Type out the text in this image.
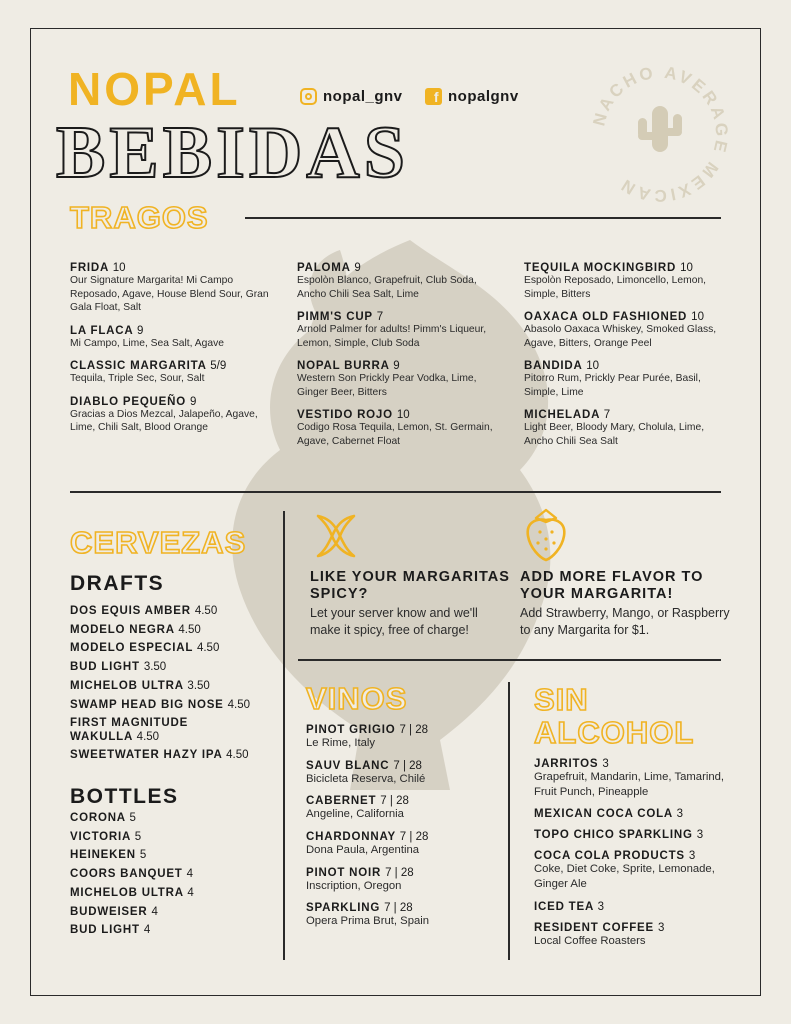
NOPAL	nopal_gnv	f nopalgnv
BEBIDAS	NACHO AVERAGE MEXICAN
TRAGOS
FRIDA 10
Our Signature Margarita! Mi Campo Reposado, Agave, House Blend Sour, Gran Gala Float, Salt
LA FLACA 9
Mi Campo, Lime, Sea Salt, Agave
CLASSIC MARGARITA 5/9
Tequila, Triple Sec, Sour, Salt
DIABLO PEQUEÑO 9
Gracias a Dios Mezcal, Jalapeño, Agave, Lime, Chili Salt, Blood Orange
PALOMA 9
Espolòn Blanco, Grapefruit, Club Soda, Ancho Chili Sea Salt, Lime
PIMM'S CUP 7
Arnold Palmer for adults! Pimm's Liqueur, Lemon, Simple, Club Soda
NOPAL BURRA 9
Western Son Prickly Pear Vodka, Lime, Ginger Beer, Bitters
VESTIDO ROJO 10
Codigo Rosa Tequila, Lemon, St. Germain, Agave, Cabernet Float
TEQUILA MOCKINGBIRD 10
Espolòn Reposado, Limoncello, Lemon, Simple, Bitters
OAXACA OLD FASHIONED 10
Abasolo Oaxaca Whiskey, Smoked Glass, Agave, Bitters, Orange Peel
BANDIDA 10
Pitorro Rum, Prickly Pear Purée, Basil, Simple, Lime
MICHELADA 7
Light Beer, Bloody Mary, Cholula, Lime, Ancho Chili Sea Salt
CERVEZAS
DRAFTS
DOS EQUIS AMBER 4.50
MODELO NEGRA 4.50
MODELO ESPECIAL 4.50
BUD LIGHT 3.50
MICHELOB ULTRA 3.50
SWAMP HEAD BIG NOSE 4.50
FIRST MAGNITUDE WAKULLA 4.50
SWEETWATER HAZY IPA 4.50
BOTTLES
CORONA 5
VICTORIA 5
HEINEKEN 5
COORS BANQUET 4
MICHELOB ULTRA 4
BUDWEISER 4
BUD LIGHT 4
LIKE YOUR MARGARITAS SPICY?
Let your server know and we'll make it spicy, free of charge!
ADD MORE FLAVOR TO YOUR MARGARITA!
Add Strawberry, Mango, or Raspberry to any Margarita for $1.
VINOS
PINOT GRIGIO 7 | 28
Le Rime, Italy
SAUV BLANC 7 | 28
Bicicleta Reserva, Chilé
CABERNET 7 | 28
Angeline, California
CHARDONNAY 7 | 28
Dona Paula, Argentina
PINOT NOIR 7 | 28
Inscription, Oregon
SPARKLING 7 | 28
Opera Prima Brut, Spain
SIN
ALCOHOL
JARRITOS 3
Grapefruit, Mandarin, Lime, Tamarind, Fruit Punch, Pineapple
MEXICAN COCA COLA 3
TOPO CHICO SPARKLING 3
COCA COLA PRODUCTS 3
Coke, Diet Coke, Sprite, Lemonade, Ginger Ale
ICED TEA 3
RESIDENT COFFEE 3
Local Coffee Roasters
